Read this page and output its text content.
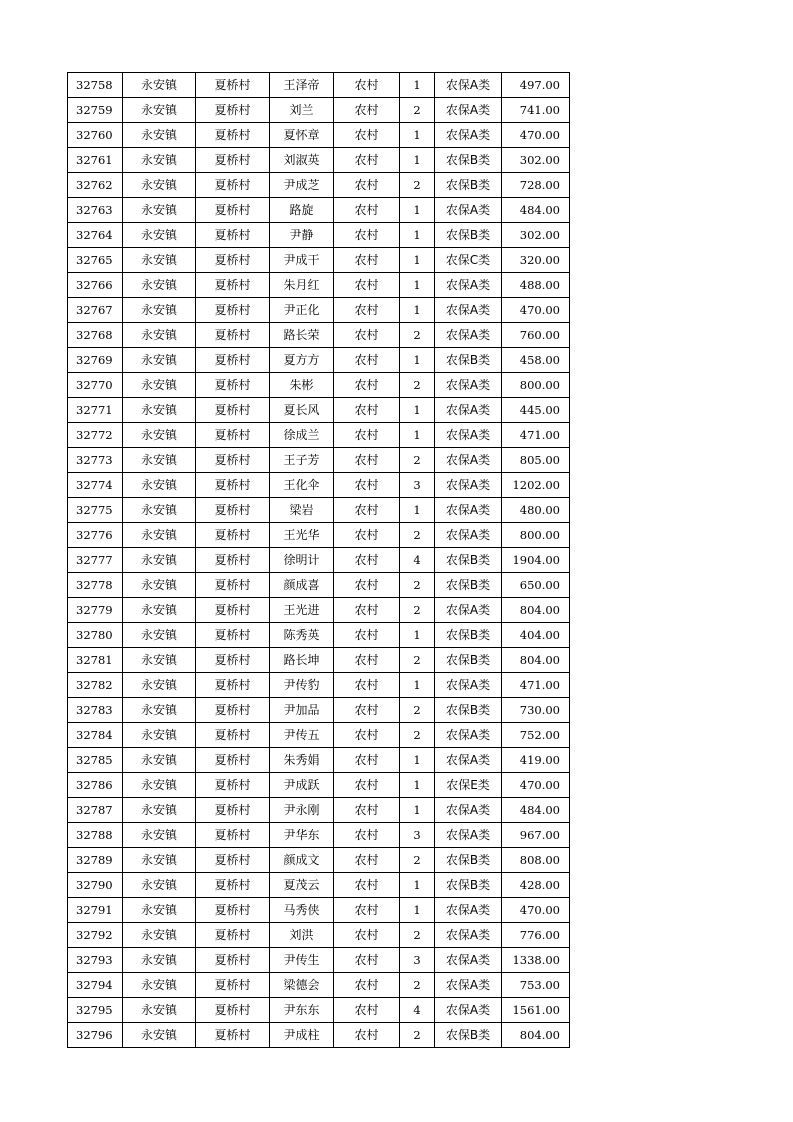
32758	永安镇	夏桥村	王泽帝	农村	1	农保A类	497.00
32759	永安镇	夏桥村	刘兰	农村	2	农保A类	741.00
32760	永安镇	夏桥村	夏怀章	农村	1	农保A类	470.00
32761	永安镇	夏桥村	刘淑英	农村	1	农保B类	302.00
32762	永安镇	夏桥村	尹成芝	农村	2	农保B类	728.00
32763	永安镇	夏桥村	路旋	农村	1	农保A类	484.00
32764	永安镇	夏桥村	尹静	农村	1	农保B类	302.00
32765	永安镇	夏桥村	尹成干	农村	1	农保C类	320.00
32766	永安镇	夏桥村	朱月红	农村	1	农保A类	488.00
32767	永安镇	夏桥村	尹正化	农村	1	农保A类	470.00
32768	永安镇	夏桥村	路长荣	农村	2	农保A类	760.00
32769	永安镇	夏桥村	夏方方	农村	1	农保B类	458.00
32770	永安镇	夏桥村	朱彬	农村	2	农保A类	800.00
32771	永安镇	夏桥村	夏长风	农村	1	农保A类	445.00
32772	永安镇	夏桥村	徐成兰	农村	1	农保A类	471.00
32773	永安镇	夏桥村	王子芳	农村	2	农保A类	805.00
32774	永安镇	夏桥村	王化伞	农村	3	农保A类	1202.00
32775	永安镇	夏桥村	梁岩	农村	1	农保A类	480.00
32776	永安镇	夏桥村	王光华	农村	2	农保A类	800.00
32777	永安镇	夏桥村	徐明计	农村	4	农保B类	1904.00
32778	永安镇	夏桥村	颜成喜	农村	2	农保B类	650.00
32779	永安镇	夏桥村	王光进	农村	2	农保A类	804.00
32780	永安镇	夏桥村	陈秀英	农村	1	农保B类	404.00
32781	永安镇	夏桥村	路长坤	农村	2	农保B类	804.00
32782	永安镇	夏桥村	尹传豹	农村	1	农保A类	471.00
32783	永安镇	夏桥村	尹加品	农村	2	农保B类	730.00
32784	永安镇	夏桥村	尹传五	农村	2	农保A类	752.00
32785	永安镇	夏桥村	朱秀娟	农村	1	农保A类	419.00
32786	永安镇	夏桥村	尹成跃	农村	1	农保E类	470.00
32787	永安镇	夏桥村	尹永刚	农村	1	农保A类	484.00
32788	永安镇	夏桥村	尹华东	农村	3	农保A类	967.00
32789	永安镇	夏桥村	颜成文	农村	2	农保B类	808.00
32790	永安镇	夏桥村	夏茂云	农村	1	农保B类	428.00
32791	永安镇	夏桥村	马秀侠	农村	1	农保A类	470.00
32792	永安镇	夏桥村	刘洪	农村	2	农保A类	776.00
32793	永安镇	夏桥村	尹传生	农村	3	农保A类	1338.00
32794	永安镇	夏桥村	梁德会	农村	2	农保A类	753.00
32795	永安镇	夏桥村	尹东东	农村	4	农保A类	1561.00
32796	永安镇	夏桥村	尹成柱	农村	2	农保B类	804.00
